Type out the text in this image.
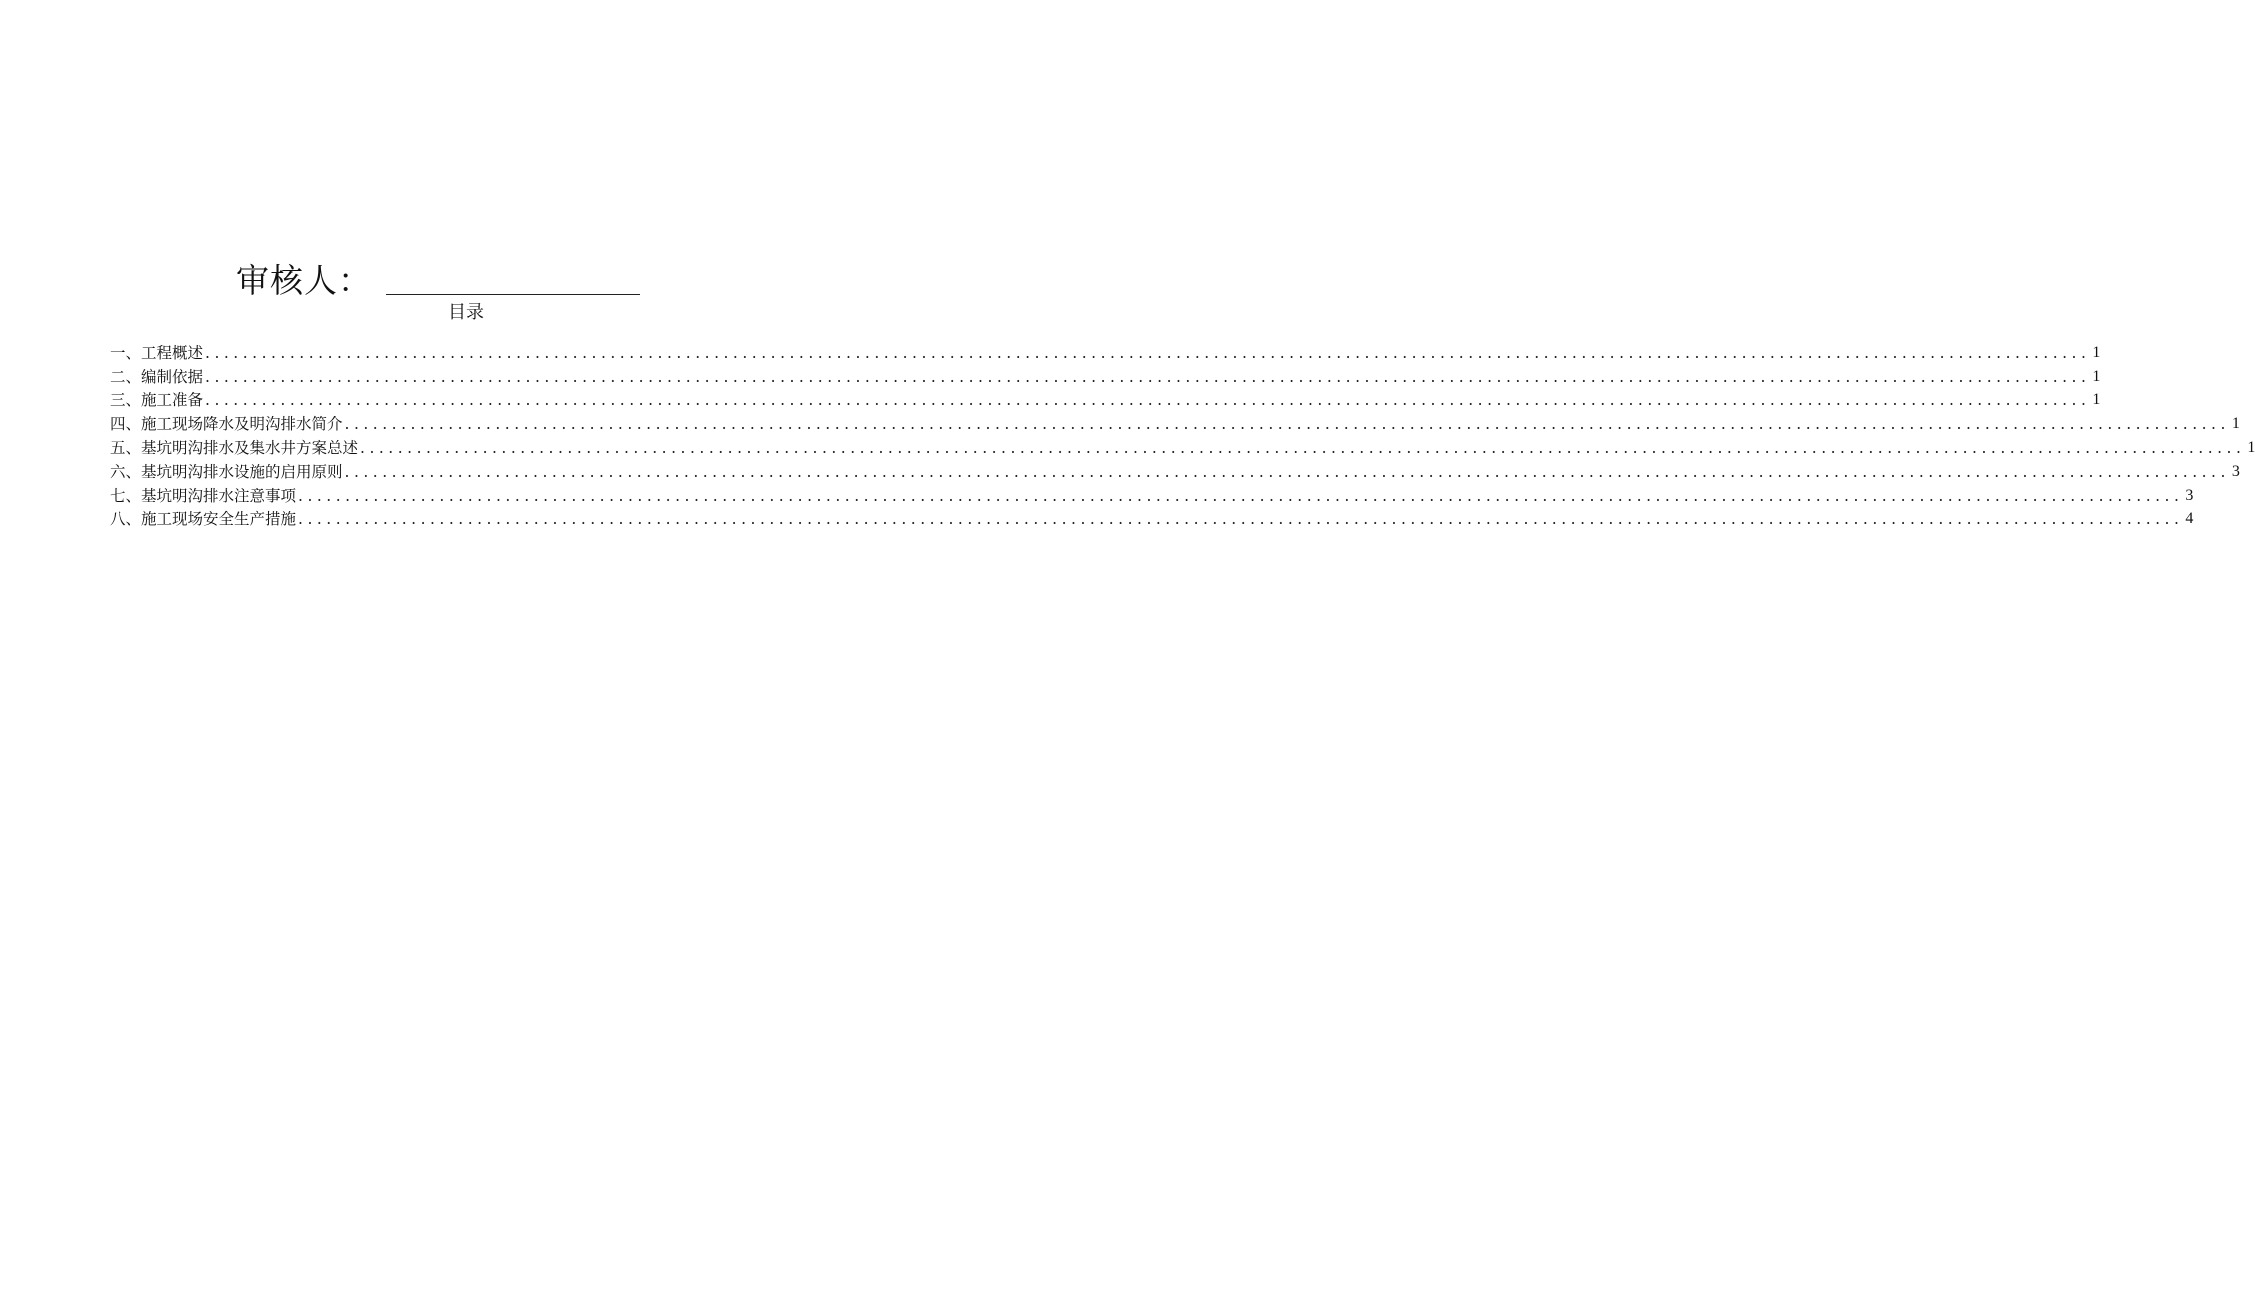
审核人：
目录
一、工程概述 ........................................................................................................................................................................................................ 1
二、编制依据 ........................................................................................................................................................................................................ 1
三、施工准备 ........................................................................................................................................................................................................ 1
四、施工现场降水及明沟排水简介 ........................................................................................................................................................................................................ 1
五、基坑明沟排水及集水井方案总述 ........................................................................................................................................................................................................ 1
六、基坑明沟排水设施的启用原则 ........................................................................................................................................................................................................ 3
七、基坑明沟排水注意事项 ........................................................................................................................................................................................................ 3
八、施工现场安全生产措施 ........................................................................................................................................................................................................ 4
